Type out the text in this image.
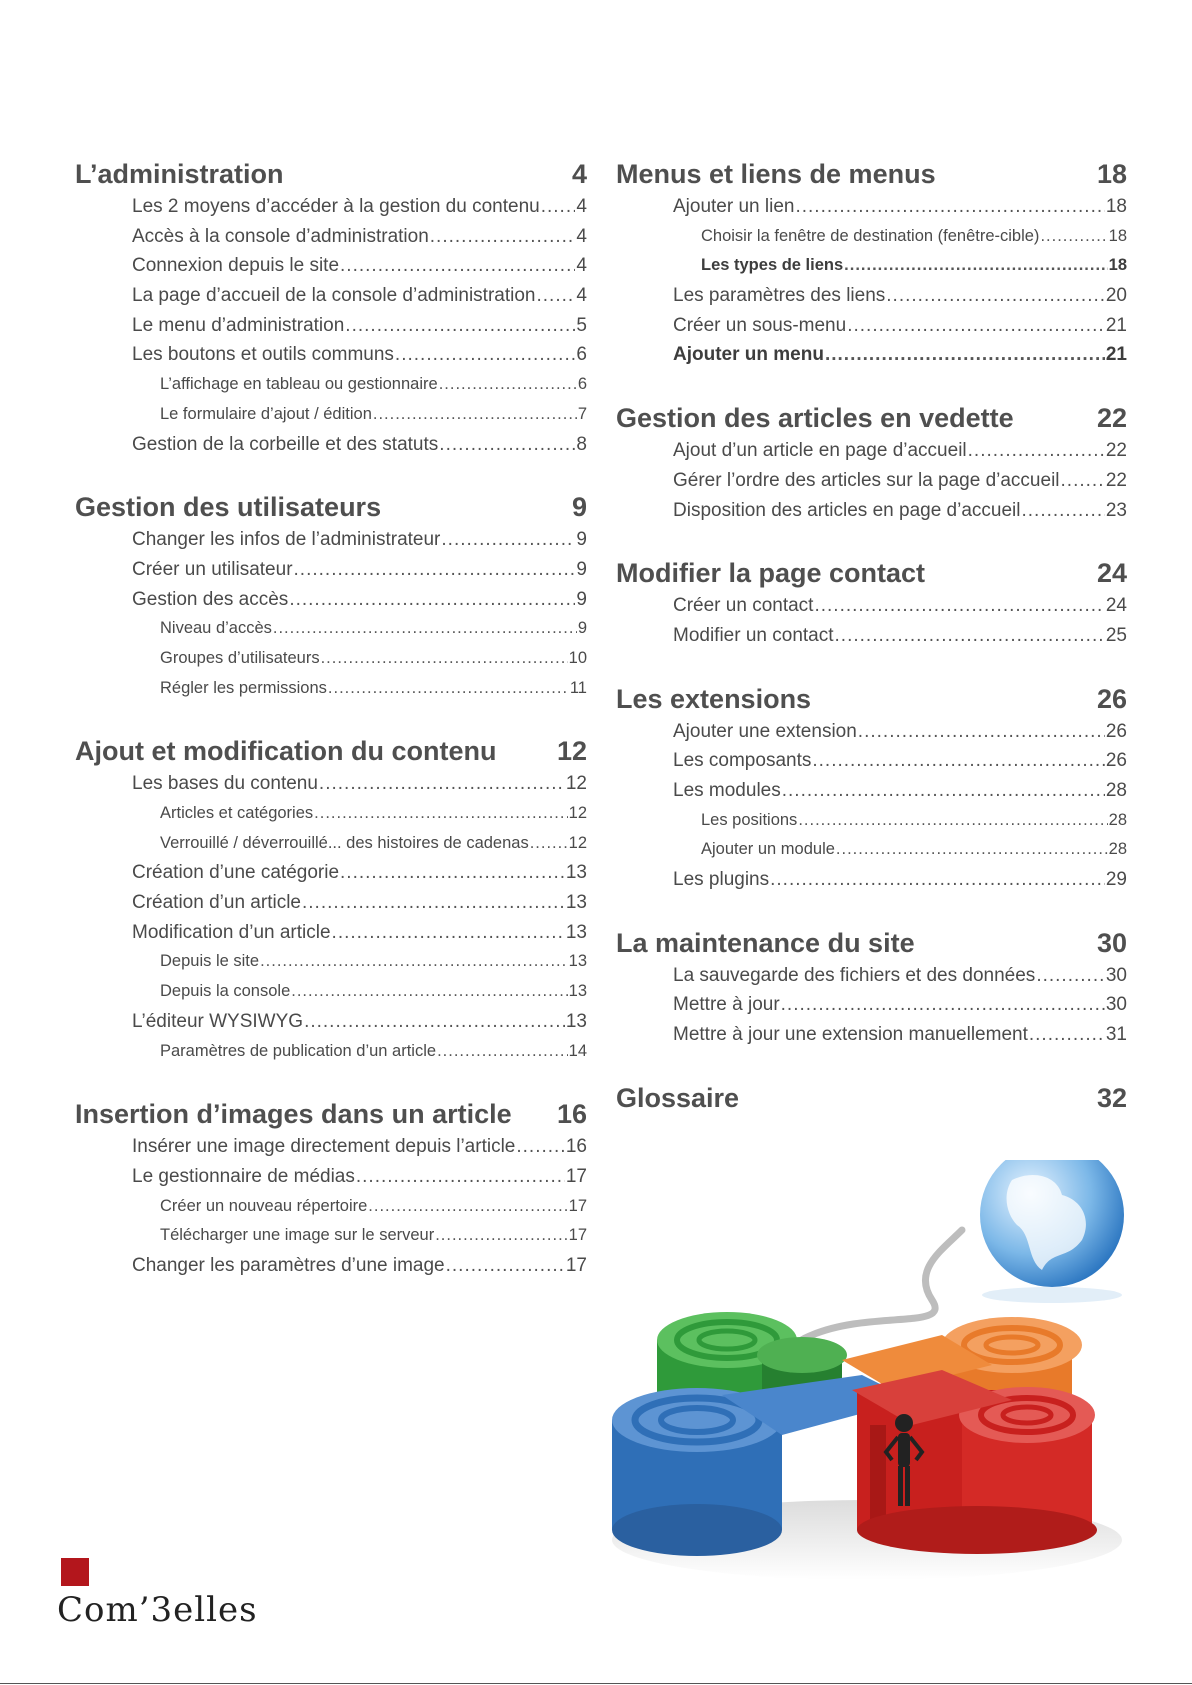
L’administration	4
Les 2 moyens d’accéder à la gestion du contenu ..... 4
Accès à la console d’administration .....	4
Connexion depuis le site .....	4
La page d’accueil de la console d’administration ..... 4
Le menu d’administration .....	5
Les boutons et outils communs .....	6
L’affichage en tableau ou gestionnaire .....	6
Le formulaire d’ajout / édition .....	7
Gestion de la corbeille et des statuts .....	8
Gestion des utilisateurs	9
Changer les infos de l’administrateur .....	9
Créer un utilisateur .....	9
Gestion des accès .....	9
Niveau d’accès .....	9
Groupes d’utilisateurs .....	10
Régler les permissions .....	11
Ajout et modification du contenu 12
Les bases du contenu .....	12
Articles et catégories .....	12
Verrouillé / déverrouillé... des histoires de cadenas ..... 12
Création d’une catégorie .....	13
Création d’un article .....	13
Modification d’un article .....	13
Depuis le site .....	13
Depuis la console .....	13
L’éditeur WYSIWYG .....	13
Paramètres de publication d’un article .....	14
Insertion d’images dans un article 16
Insérer une image directement depuis l’article .....	16
Le gestionnaire de médias .....	17
Créer un nouveau répertoire .....	17
Télécharger une image sur le serveur .....	17
Changer les paramètres d’une image .....	17
Menus et liens de menus	18
Ajouter un lien .....	18
Choisir la fenêtre de destination (fenêtre-cible) .....	18
Les types de liens .....	18
Les paramètres des liens .....	20
Créer un sous-menu .....	21
Ajouter un menu .....	21
Gestion des articles en vedette	22
Ajout d’un article en page d’accueil .....	22
Gérer l’ordre des articles sur la page d’accueil ..... 22
Disposition des articles en page d’accueil .....	23
Modifier la page contact	24
Créer un contact .....	24
Modifier un contact .....	25
Les extensions	26
Ajouter une extension .....	26
Les composants .....	26
Les modules .....	28
Les positions .....	28
Ajouter un module .....	28
Les plugins .....	29
La maintenance du site	30
La sauvegarde des fichiers et des données .....	30
Mettre à jour .....	30
Mettre à jour une extension manuellement .....	31
Glossaire	32
Com’3elles
